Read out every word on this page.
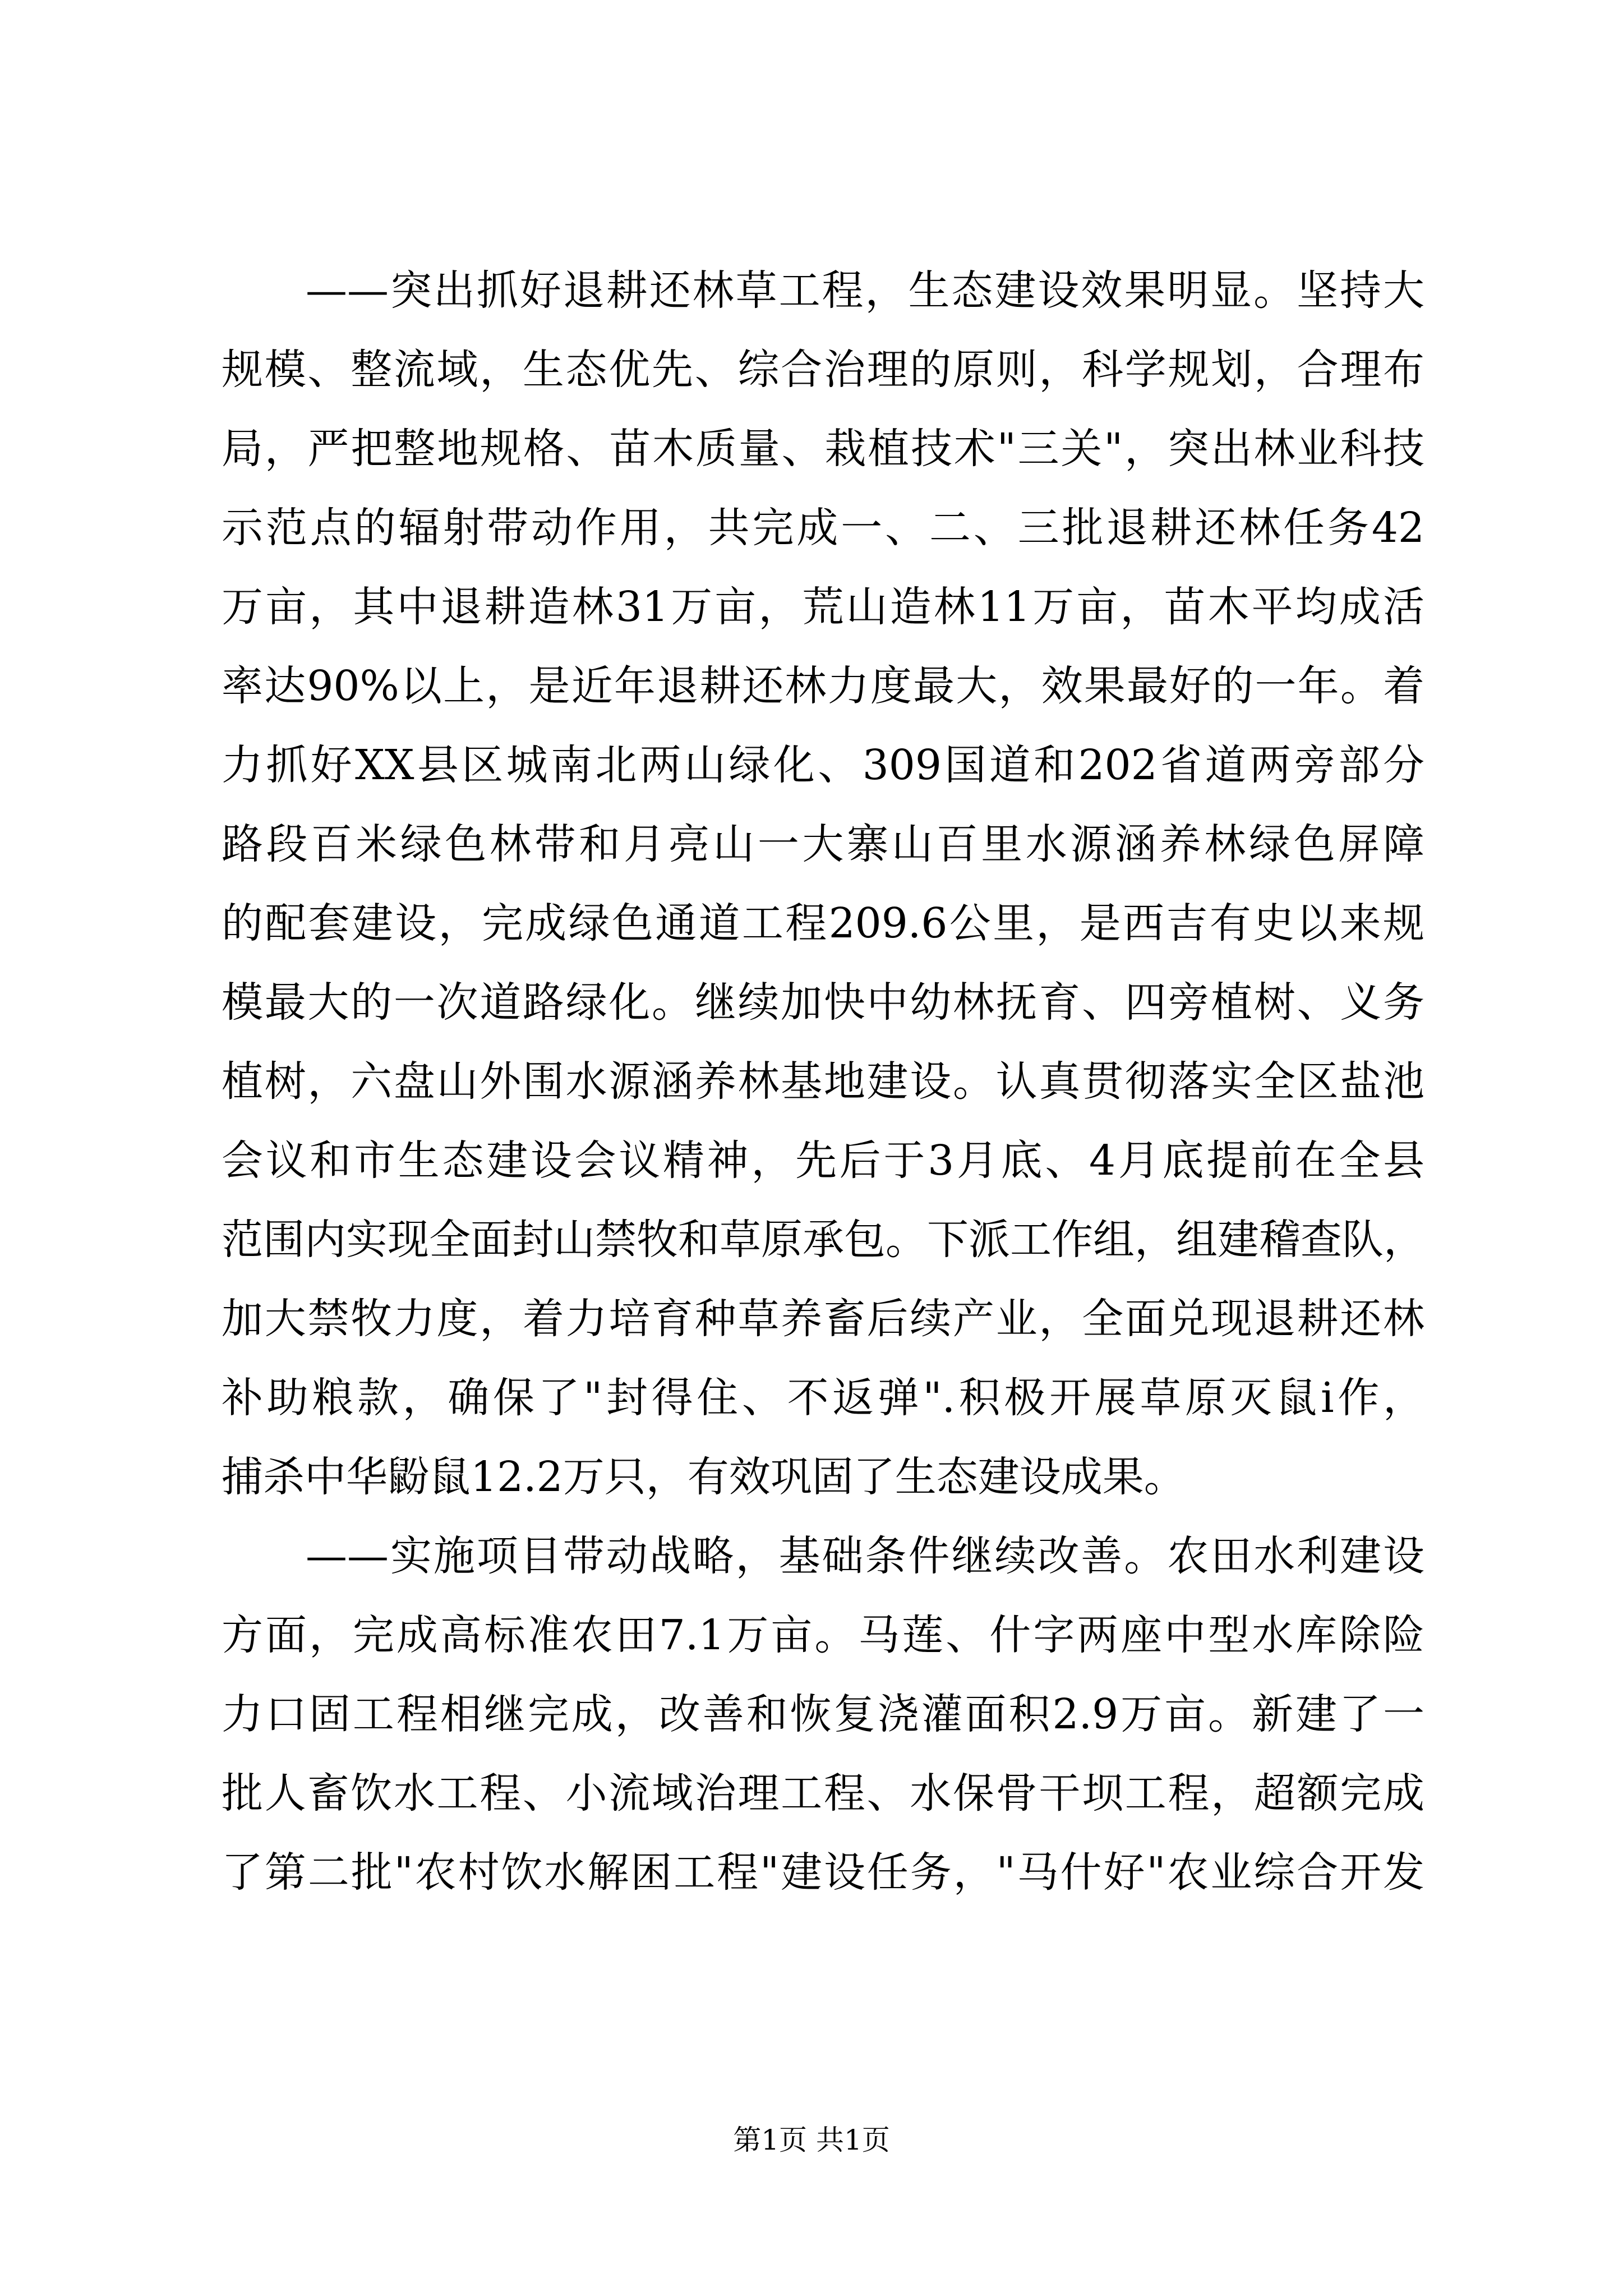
——突出抓好退耕还林草工程，生态建设效果明显。坚持大
规模、整流域，生态优先、综合治理的原则，科学规划，合理布
局，严把整地规格、苗木质量、栽植技术"三关"，突出林业科技
示范点的辐射带动作用，共完成一、二、三批退耕还林任务42
万亩，其中退耕造林31万亩，荒山造林11万亩，苗木平均成活
率达90%以上，是近年退耕还林力度最大，效果最好的一年。着
力抓好XX县区城南北两山绿化、309国道和202省道两旁部分
路段百米绿色林带和月亮山一大寨山百里水源涵养林绿色屏障
的配套建设，完成绿色通道工程209.6公里，是西吉有史以来规
模最大的一次道路绿化。继续加快中幼林抚育、四旁植树、义务
植树，六盘山外围水源涵养林基地建设。认真贯彻落实全区盐池
会议和市生态建设会议精神，先后于3月底、4月底提前在全县
范围内实现全面封山禁牧和草原承包。下派工作组，组建稽查队，
加大禁牧力度，着力培育种草养畜后续产业，全面兑现退耕还林
补助粮款，确保了"封得住、不返弹".积极开展草原灭鼠i作，
捕杀中华鼢鼠12.2万只，有效巩固了生态建设成果。
——实施项目带动战略，基础条件继续改善。农田水利建设
方面，完成高标准农田7.1万亩。马莲、什字两座中型水库除险
力口固工程相继完成，改善和恢复浇灌面积2.9万亩。新建了一
批人畜饮水工程、小流域治理工程、水保骨干坝工程，超额完成
了第二批"农村饮水解困工程"建设任务，"马什好"农业综合开发
第1页 共1页
